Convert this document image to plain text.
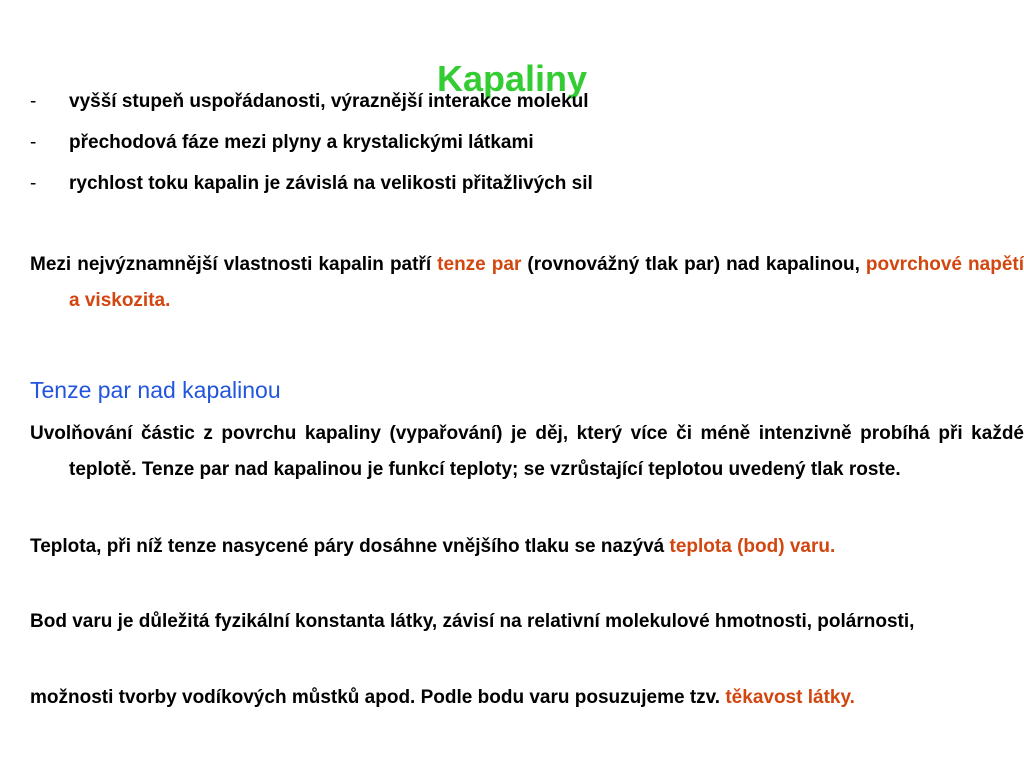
Kapaliny
-	vyšší stupeň uspořádanosti, výraznější interakce molekul
-	přechodová fáze mezi plyny a krystalickými látkami
-	rychlost toku kapalin je závislá na velikosti přitažlivých sil

Mezi nejvýznamnější vlastnosti kapalin patří tenze par (rovnovážný tlak par) nad kapalinou, povrchové napětí a viskozita.

Tenze par nad kapalinou

Uvolňování částic z povrchu kapaliny (vypařování) je děj, který více či méně intenzivně probíhá při každé teplotě. Tenze par nad kapalinou je funkcí teploty; se vzrůstající teplotou uvedený tlak roste.

Teplota, při níž tenze nasycené páry dosáhne vnějšího tlaku se nazývá teplota (bod) varu.

Bod varu je důležitá fyzikální konstanta látky, závisí na relativní molekulové hmotnosti, polárnosti,

možnosti tvorby vodíkových můstků apod. Podle bodu varu posuzujeme tzv. těkavost látky.
